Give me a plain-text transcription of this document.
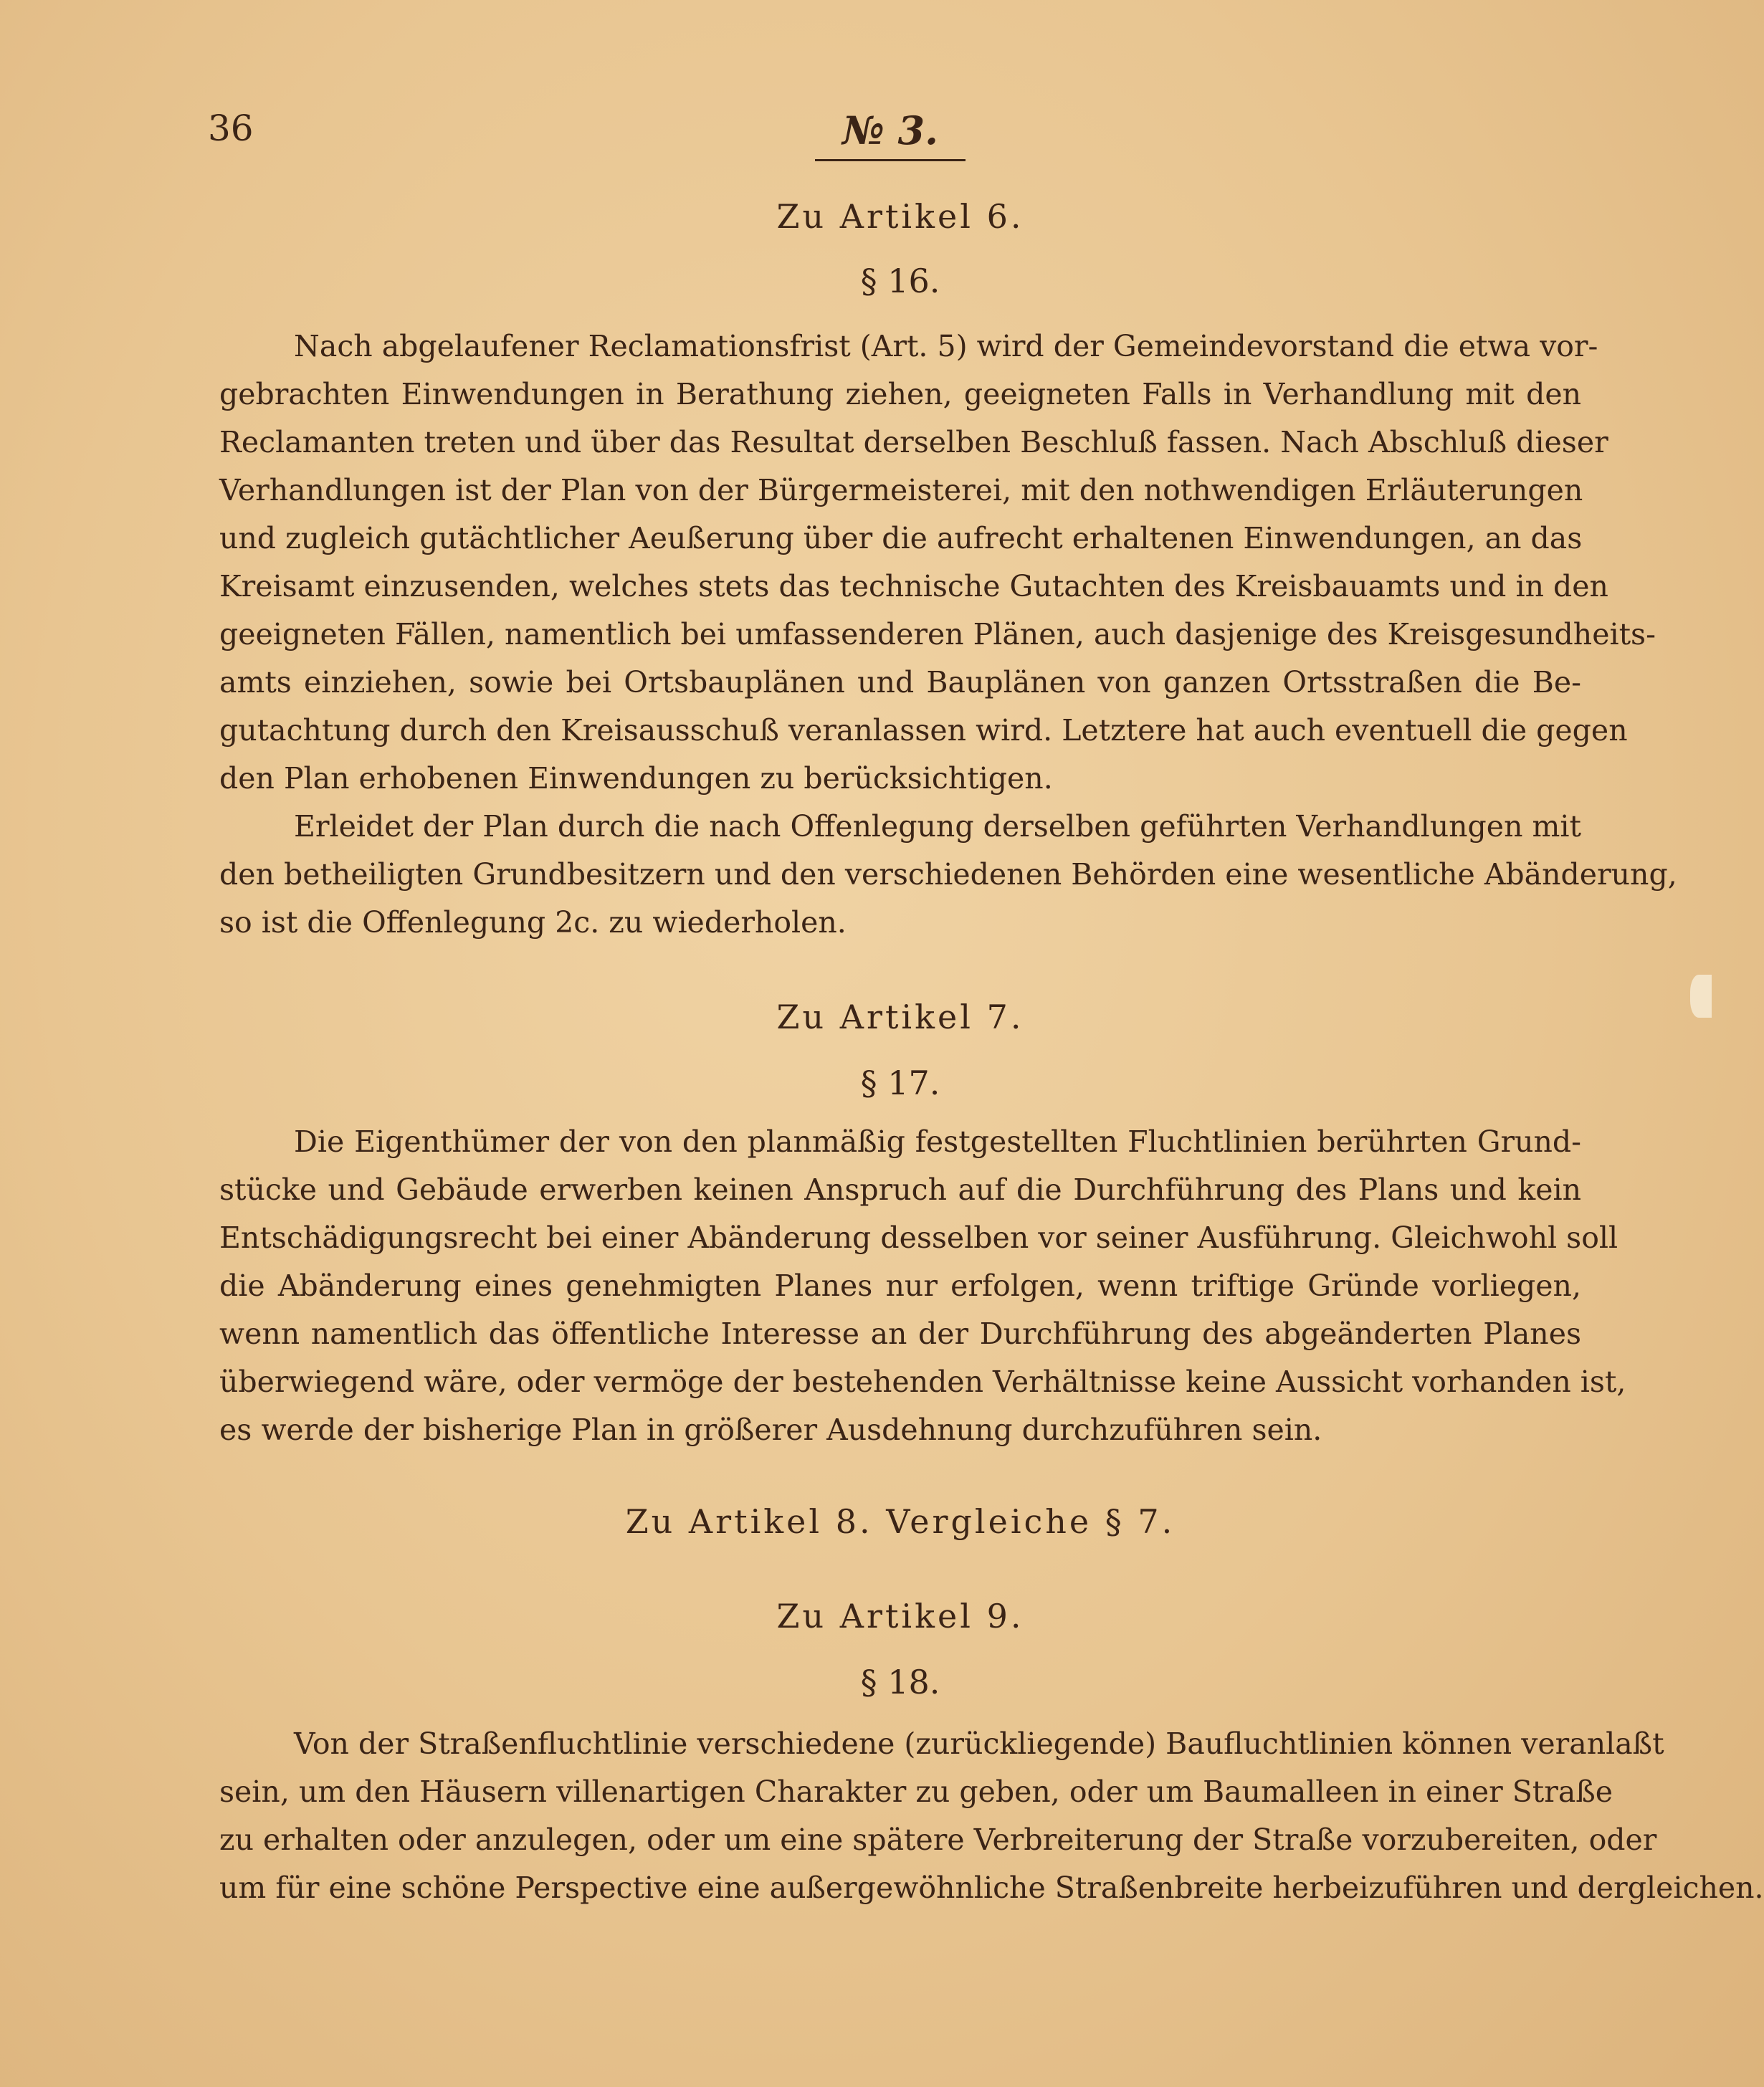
36	№ 3.
Zu Artikel 6.
§ 16.
Nach abgelaufener Reclamationsfrist (Art. 5) wird der Gemeindevorstand die etwa vor-
gebrachten Einwendungen in Berathung ziehen, geeigneten Falls in Verhandlung mit den
Reclamanten treten und über das Resultat derselben Beschluß fassen. Nach Abschluß dieser
Verhandlungen ist der Plan von der Bürgermeisterei, mit den nothwendigen Erläuterungen
und zugleich gutächtlicher Aeußerung über die aufrecht erhaltenen Einwendungen, an das
Kreisamt einzusenden, welches stets das technische Gutachten des Kreisbauamts und in den
geeigneten Fällen, namentlich bei umfassenderen Plänen, auch dasjenige des Kreisgesundheits-
amts einziehen, sowie bei Ortsbauplänen und Bauplänen von ganzen Ortsstraßen die Be-
gutachtung durch den Kreisausschuß veranlassen wird. Letztere hat auch eventuell die gegen
den Plan erhobenen Einwendungen zu berücksichtigen.
Erleidet der Plan durch die nach Offenlegung derselben geführten Verhandlungen mit
den betheiligten Grundbesitzern und den verschiedenen Behörden eine wesentliche Abänderung,
so ist die Offenlegung 2c. zu wiederholen.
Zu Artikel 7.
§ 17.
Die Eigenthümer der von den planmäßig festgestellten Fluchtlinien berührten Grund-
stücke und Gebäude erwerben keinen Anspruch auf die Durchführung des Plans und kein
Entschädigungsrecht bei einer Abänderung desselben vor seiner Ausführung. Gleichwohl soll
die Abänderung eines genehmigten Planes nur erfolgen, wenn triftige Gründe vorliegen,
wenn namentlich das öffentliche Interesse an der Durchführung des abgeänderten Planes
überwiegend wäre, oder vermöge der bestehenden Verhältnisse keine Aussicht vorhanden ist,
es werde der bisherige Plan in größerer Ausdehnung durchzuführen sein.
Zu Artikel 8. Vergleiche § 7.
Zu Artikel 9.
§ 18.
Von der Straßenfluchtlinie verschiedene (zurückliegende) Baufluchtlinien können veranlaßt
sein, um den Häusern villenartigen Charakter zu geben, oder um Baumalleen in einer Straße
zu erhalten oder anzulegen, oder um eine spätere Verbreiterung der Straße vorzubereiten, oder
um für eine schöne Perspective eine außergewöhnliche Straßenbreite herbeizuführen und dergleichen.
